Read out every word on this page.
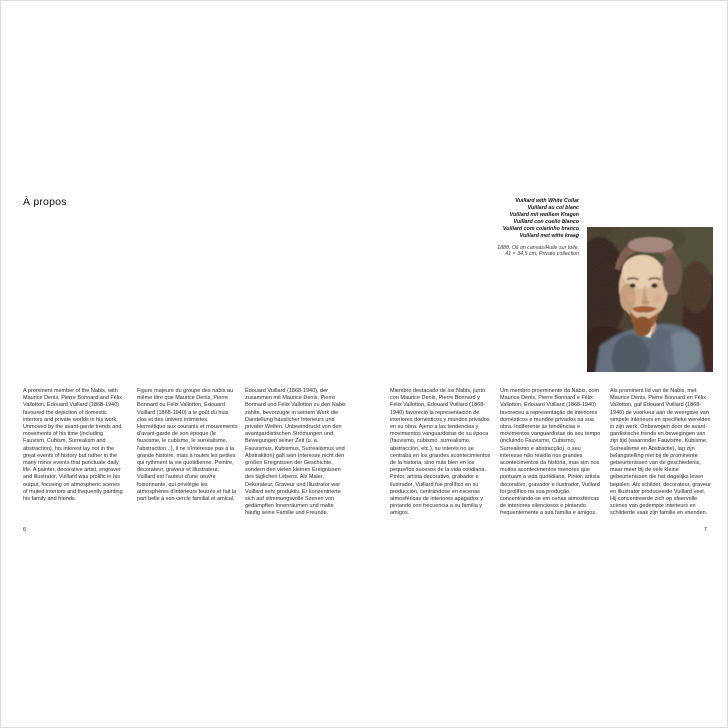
À propos	Vuillard with White Collar
Vuillard au col blanc
Vuillard mit weißem Kragen
Vuillard con cuello blanco
Vuillard com colarinho branco
Vuillard met witte kraag
1888, Oil on canvas/Huile sur toile,
41 × 34,5 cm, Private collection
A prominent member of the Nabis, with Maurice Denis, Pierre Bonnard and Félix Vallotton, Édouard Vuillard (1868-1940) favoured the depiction of domestic interiors and private worlds in his work. Unmoved by the avant-garde trends and movements of his time (including Fauvism, Cubism, Surrealism and abstraction), his interest lay not in the great events of history but rather in the many minor events that punctuate daily life. A painter, decorative artist, engraver and illustrator, Vuillard was prolific in his output, focusing on atmospheric scenes of muted interiors and frequently painting his family and friends.
Figure majeure du groupe des nabis au même titre que Maurice Denis, Pierre Bonnard ou Félix Vallotton, Édouard Vuillard (1868-1940) a le goût du huis clos et des univers intimistes. Hermétique aux courants et mouvements d'avant-garde de son époque (le fauvisme, le cubisme, le surréalisme, l'abstraction...), il ne s'intéresse pas à la grande histoire, mais à toutes les petites qui rythment la vie quotidienne. Peintre, décorateur, graveur et illustrateur, Vuillard est l'auteur d'une œuvre foisonnante, qui privilégie les atmosphères d'intérieurs feutrés et fait la part belle à son cercle familial et amical.
Édouard Vuillard (1868-1940), der zusammen mit Maurice Denis, Pierre Bonnard und Félix Vallotton zu den Nabis zählte, bevorzugte in seinem Werk die Darstellung häuslicher Interieurs und privater Welten. Unbeeindruckt von den avantgardistischen Strömungen und Bewegungen seiner Zeit (u. a. Fauvismus, Kubismus, Surrealismus und Abstraktion) galt sein Interesse nicht den großen Ereignissen der Geschichte, sondern den vielen kleinen Ereignissen des täglichen Lebens. Als Maler, Dekorateur, Graveur und Illustrator war Vuillard sehr produktiv. Er konzentrierte sich auf stimmungsvolle Szenen von gedämpften Innenräumen und malte häufig seine Familie und Freunde.
Miembro destacado de los Nabis, junto con Maurice Denis, Pierre Bonnard y Félix Vallotton, Édouard Vuillard (1868-1940) favoreció la representación de interiores domésticos y mundos privados en su obra. Ajeno a las tendencias y movimientos vanguardistas de su época (fauvismo, cubismo, surrealismo, abstracción, etc.), su interés no se centraba en los grandes acontecimientos de la historia, sino más bien en los pequeños sucesos de la vida cotidiana. Pintor, artista decorativo, grabador e ilustrador, Vuillard fue prolífico en su producción, centrándose en escenas atmosféricas de interiores apagados y pintando con frecuencia a su familia y amigos.
Um membro proeminente da Nabis, com Maurice Denis, Pierre Bonnard e Félix Vallotton, Édouard Vuillard (1868-1940) favoreceu a representação de interiores domésticos e mundos privados na sua obra. Indiferente às tendências e movimentos vanguardistas do seu tempo (incluindo Fauvismo, Cubismo, Surrealismo e abstracção), o seu interesse não residia nos grandes acontecimentos da história, mas sim nos muitos acontecimentos menores que pontuam a vida quotidiana. Pintor, artista decorativo, gravador e ilustrador, Vuillard foi prolífico na sua produção, concentrando-se em cenas atmosféricas de interiores silenciosos e pintando frequentemente a sua família e amigos.
Als prominent lid van de Nabis, met Maurice Denis, Pierre Bonnard en Félix Vallotton, gaf Édouard Vuillard (1868-1940) de voorkeur aan de weergave van simpele interieurs en specifieke werelden in zijn werk. Onbewogen door de avant-gardistische trends en bewegingen van zijn tijd (waaronder Fauvisme, Kubisme, Surrealisme en Abstractie), lag zijn belangstelling niet bij de prominente gebeurtenissen van de geschiedenis, maar meer bij de vele kleine gebeurtenissen die het dagelijks leven bepalen. Als schilder, decorateur, graveur en illustrator produceerde Vuillard veel. Hij concentreerde zich op sfeervolle scènes van gedempte interieurs en schilderde vaak zijn familie en vrienden.
6	7
